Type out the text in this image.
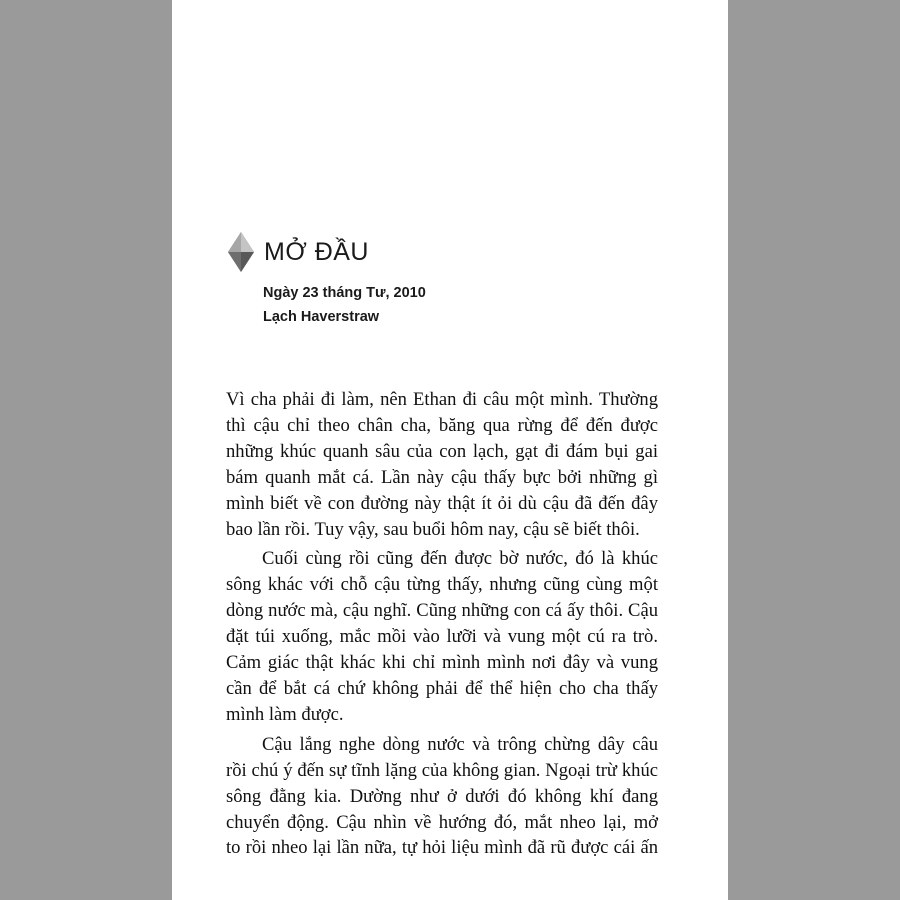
MỞ ĐẦU
Ngày 23 tháng Tư, 2010
Lạch Haverstraw
Vì cha phải đi làm, nên Ethan đi câu một mình. Thường
thì cậu chỉ theo chân cha, băng qua rừng để đến được
những khúc quanh sâu của con lạch, gạt đi đám bụi gai
bám quanh mắt cá. Lần này cậu thấy bực bởi những gì
mình biết về con đường này thật ít ỏi dù cậu đã đến đây
bao lần rồi. Tuy vậy, sau buổi hôm nay, cậu sẽ biết thôi.
Cuối cùng rồi cũng đến được bờ nước, đó là khúc
sông khác với chỗ cậu từng thấy, nhưng cũng cùng một
dòng nước mà, cậu nghĩ. Cũng những con cá ấy thôi. Cậu
đặt túi xuống, mắc mồi vào lưỡi và vung một cú ra trò.
Cảm giác thật khác khi chỉ mình mình nơi đây và vung
cần để bắt cá chứ không phải để thể hiện cho cha thấy
mình làm được.
Cậu lắng nghe dòng nước và trông chừng dây câu
rồi chú ý đến sự tĩnh lặng của không gian. Ngoại trừ khúc
sông đằng kia. Dường như ở dưới đó không khí đang
chuyển động. Cậu nhìn về hướng đó, mắt nheo lại, mở
to rồi nheo lại lần nữa, tự hỏi liệu mình đã rũ được cái ấn
